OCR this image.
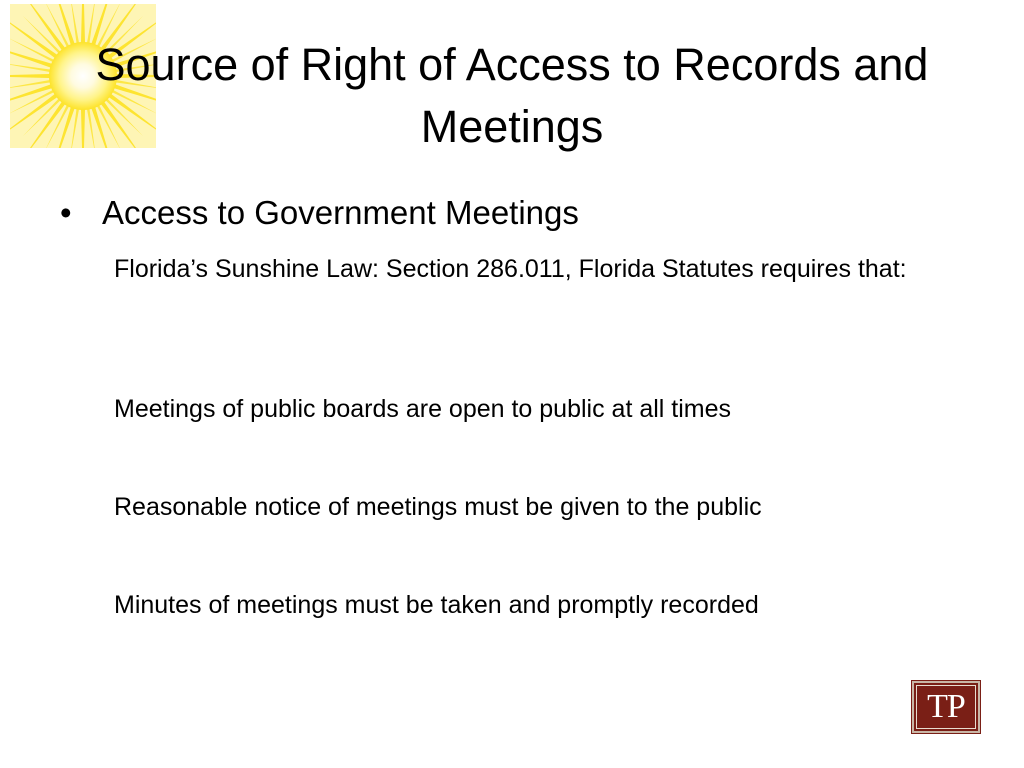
Source of Right of Access to Records and Meetings
• Access to Government Meetings
Florida’s Sunshine Law: Section 286.011, Florida Statutes requires that:
Meetings of public boards are open to public at all times
Reasonable notice of meetings must be given to the public
Minutes of meetings must be taken and promptly recorded
TP
